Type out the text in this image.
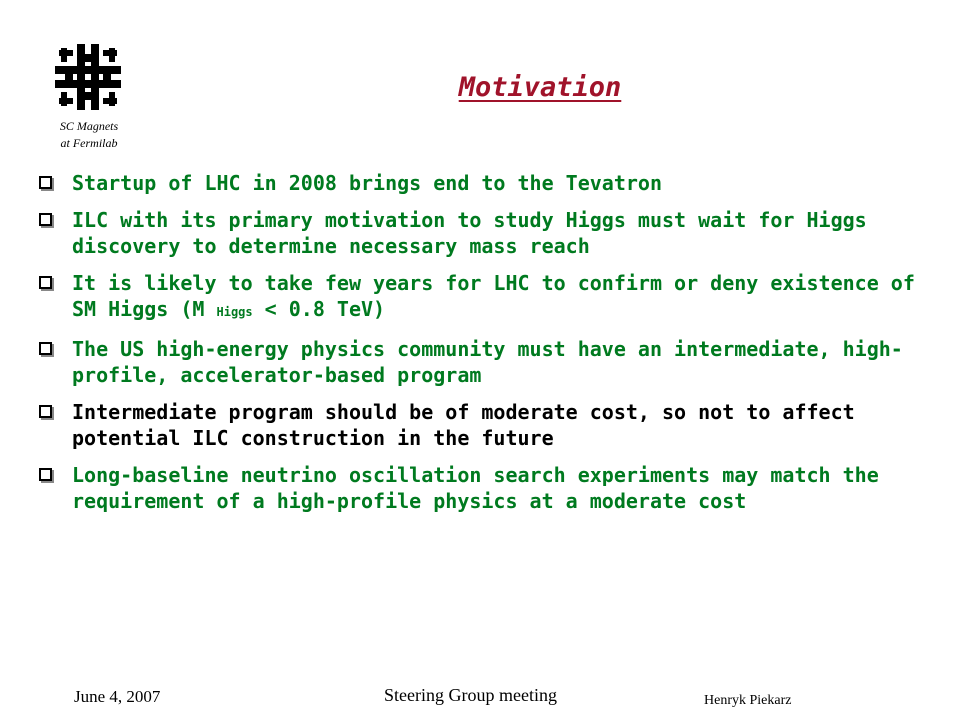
SC Magnets
at Fermilab
Motivation
Startup of LHC in 2008 brings end to the Tevatron
ILC with its primary motivation to study Higgs must wait for Higgs discovery to determine necessary mass reach
It is likely to take few years for LHC to confirm or deny existence of SM Higgs (M Higgs < 0.8 TeV)
The US high-energy physics community must have an intermediate, high-profile, accelerator-based program
Intermediate program should be of moderate cost, so not to affect potential ILC construction in the future
Long-baseline neutrino oscillation search experiments may match the requirement of a high-profile physics at a moderate cost
June 4, 2007	Steering Group meeting	Henryk Piekarz
